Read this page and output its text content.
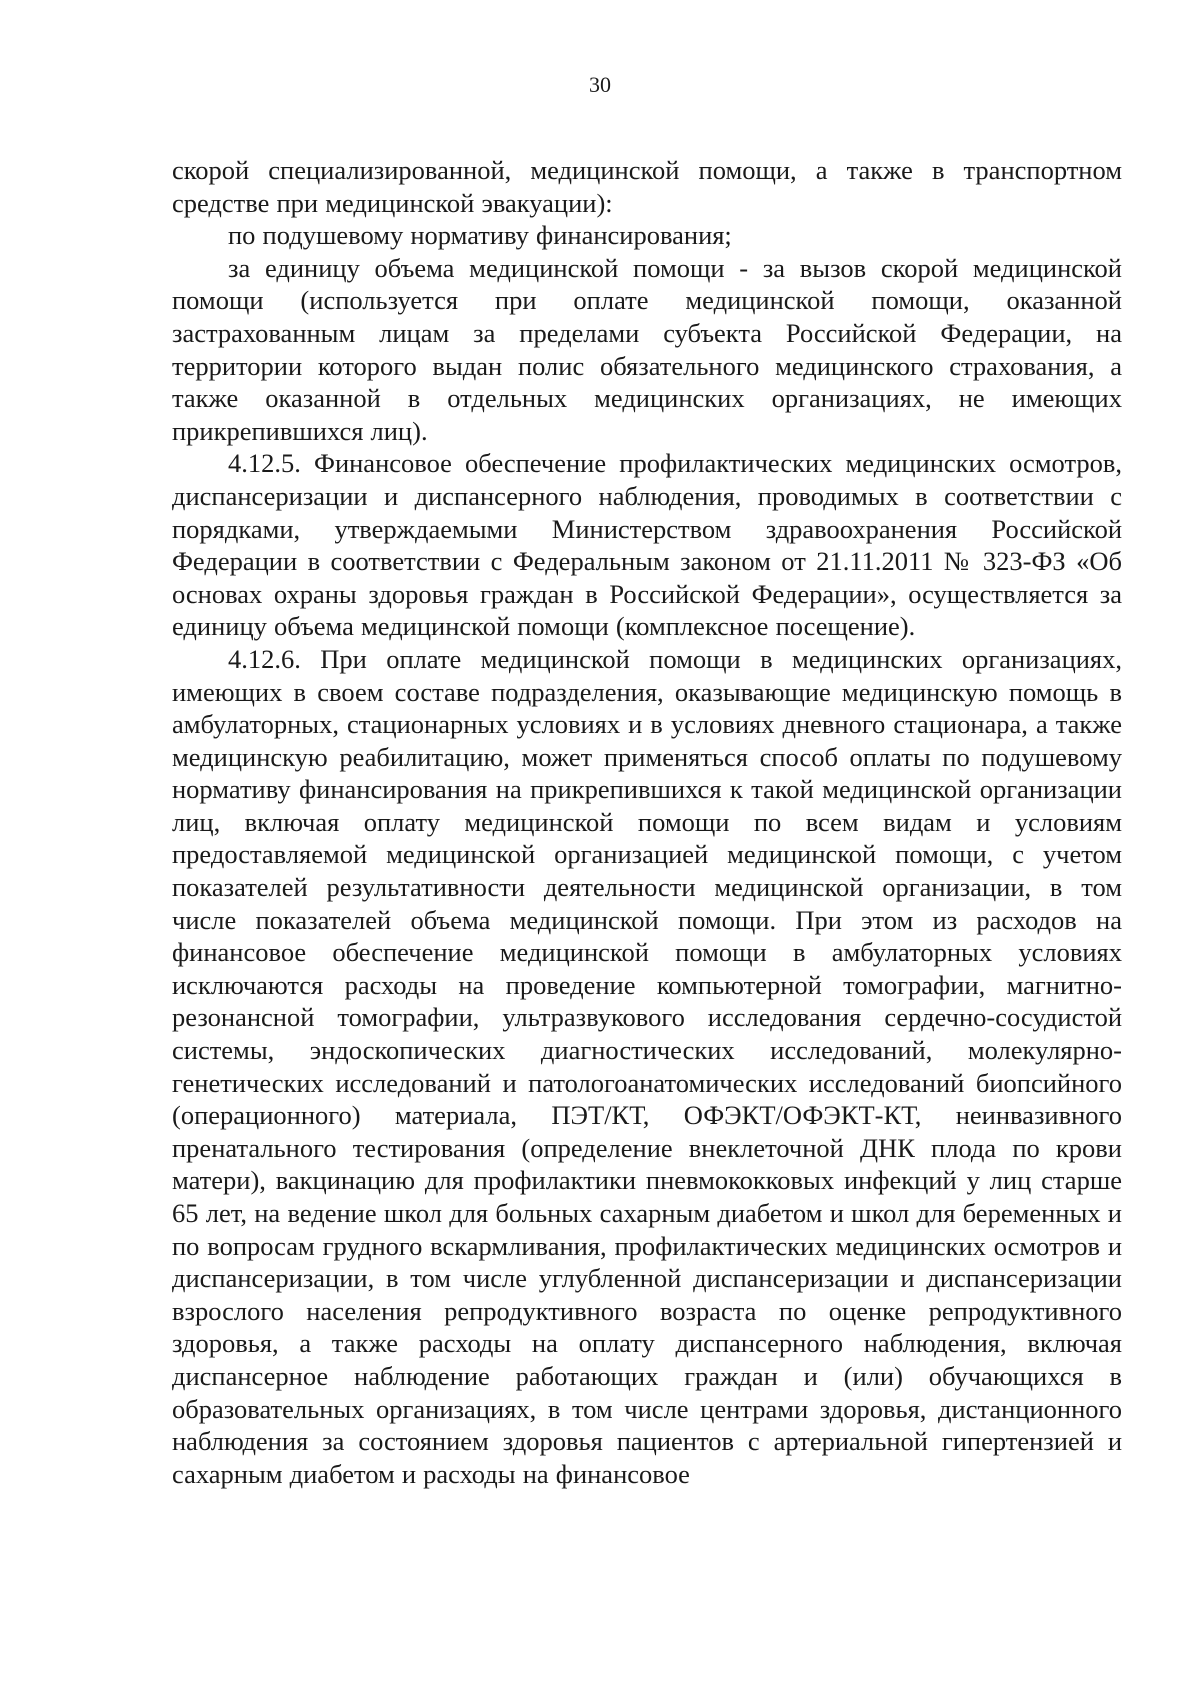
30

скорой специализированной, медицинской помощи, а также в транспортном средстве при медицинской эвакуации):

по подушевому нормативу финансирования;

за единицу объема медицинской помощи - за вызов скорой медицинской помощи (используется при оплате медицинской помощи, оказанной застрахованным лицам за пределами субъекта Российской Федерации, на территории которого выдан полис обязательного медицинского страхования, а также оказанной в отдельных медицинских организациях, не имеющих прикрепившихся лиц).

4.12.5. Финансовое обеспечение профилактических медицинских осмотров, диспансеризации и диспансерного наблюдения, проводимых в соответствии с порядками, утверждаемыми Министерством здравоохранения Российской Федерации в соответствии с Федеральным законом от 21.11.2011 № 323-ФЗ «Об основах охраны здоровья граждан в Российской Федерации», осуществляется за единицу объема медицинской помощи (комплексное посещение).

4.12.6. При оплате медицинской помощи в медицинских организациях, имеющих в своем составе подразделения, оказывающие медицинскую помощь в амбулаторных, стационарных условиях и в условиях дневного стационара, а также медицинскую реабилитацию, может применяться способ оплаты по подушевому нормативу финансирования на прикрепившихся к такой медицинской организации лиц, включая оплату медицинской помощи по всем видам и условиям предоставляемой медицинской организацией медицинской помощи, с учетом показателей результативности деятельности медицинской организации, в том числе показателей объема медицинской помощи. При этом из расходов на финансовое обеспечение медицинской помощи в амбулаторных условиях исключаются расходы на проведение компьютерной томографии, магнитно-резонансной томографии, ультразвукового исследования сердечно-сосудистой системы, эндоскопических диагностических исследований, молекулярно-генетических исследований и патологоанатомических исследований биопсийного (операционного) материала, ПЭТ/КТ, ОФЭКТ/ОФЭКТ-КТ, неинвазивного пренатального тестирования (определение внеклеточной ДНК плода по крови матери), вакцинацию для профилактики пневмококковых инфекций у лиц старше 65 лет, на ведение школ для больных сахарным диабетом и школ для беременных и по вопросам грудного вскармливания, профилактических медицинских осмотров и диспансеризации, в том числе углубленной диспансеризации и диспансеризации взрослого населения репродуктивного возраста по оценке репродуктивного здоровья, а также расходы на оплату диспансерного наблюдения, включая диспансерное наблюдение работающих граждан и (или) обучающихся в образовательных организациях, в том числе центрами здоровья, дистанционного наблюдения за состоянием здоровья пациентов с артериальной гипертензией и сахарным диабетом и расходы на финансовое
